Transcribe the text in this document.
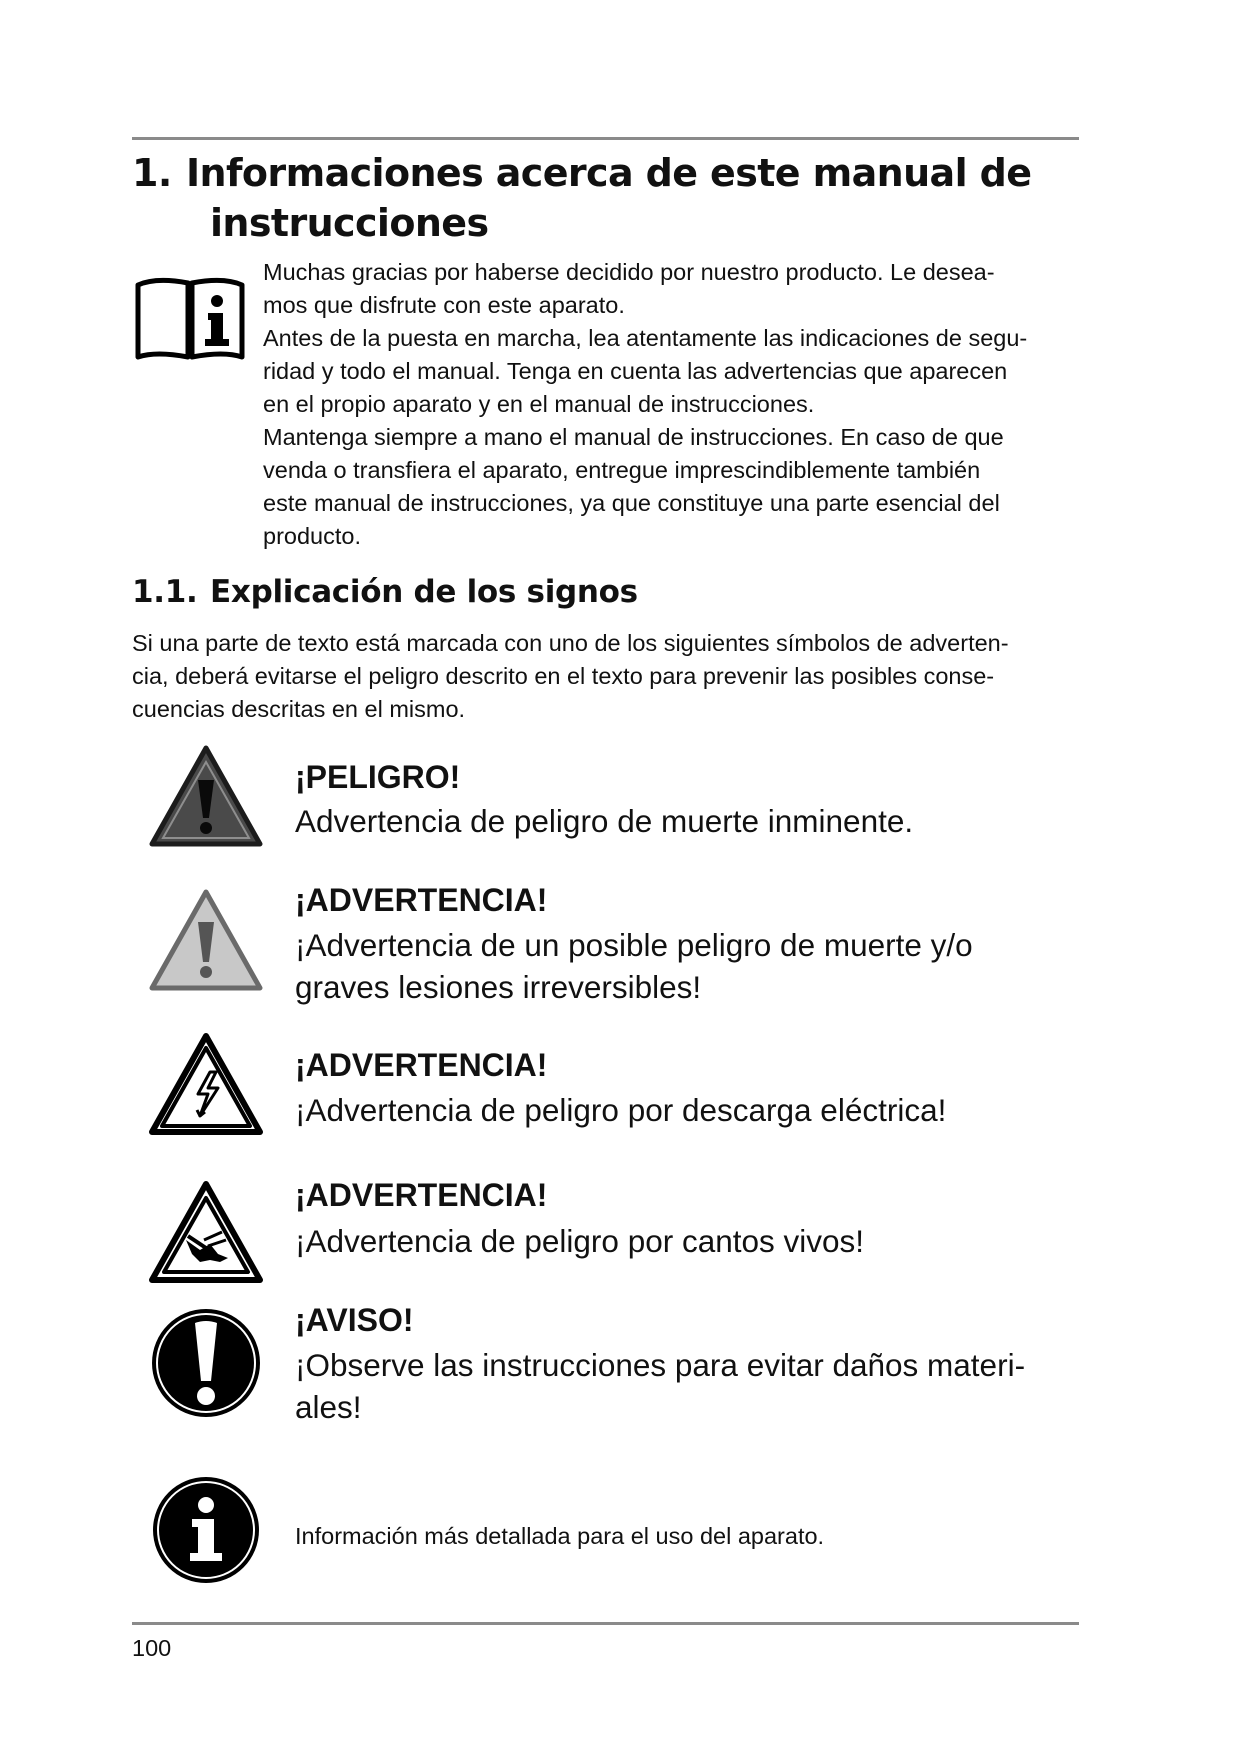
1. Informaciones acerca de este manual de
instrucciones

Muchas gracias por haberse decidido por nuestro producto. Le desea-
mos que disfrute con este aparato.

Antes de la puesta en marcha, lea atentamente las indicaciones de segu-
ridad y todo el manual. Tenga en cuenta las advertencias que aparecen
en el propio aparato y en el manual de instrucciones.

Mantenga siempre a mano el manual de instrucciones. En caso de que
venda o transfiera el aparato, entregue imprescindiblemente también
este manual de instrucciones, ya que constituye una parte esencial del
producto.

1.1. Explicación de los signos

Si una parte de texto está marcada con uno de los siguientes símbolos de adverten-
cia, deberá evitarse el peligro descrito en el texto para prevenir las posibles conse-
cuencias descritas en el mismo.

¡PELIGRO!

Advertencia de peligro de muerte inminente.

¡ADVERTENCIA!

¡Advertencia de un posible peligro de muerte y/o
graves lesiones irreversibles!

¡ADVERTENCIA!

¡Advertencia de peligro por descarga eléctrica!

¡ADVERTENCIA!

¡Advertencia de peligro por cantos vivos!

¡AVISO!

¡Observe las instrucciones para evitar daños materi-
ales!

Información más detallada para el uso del aparato.

100
